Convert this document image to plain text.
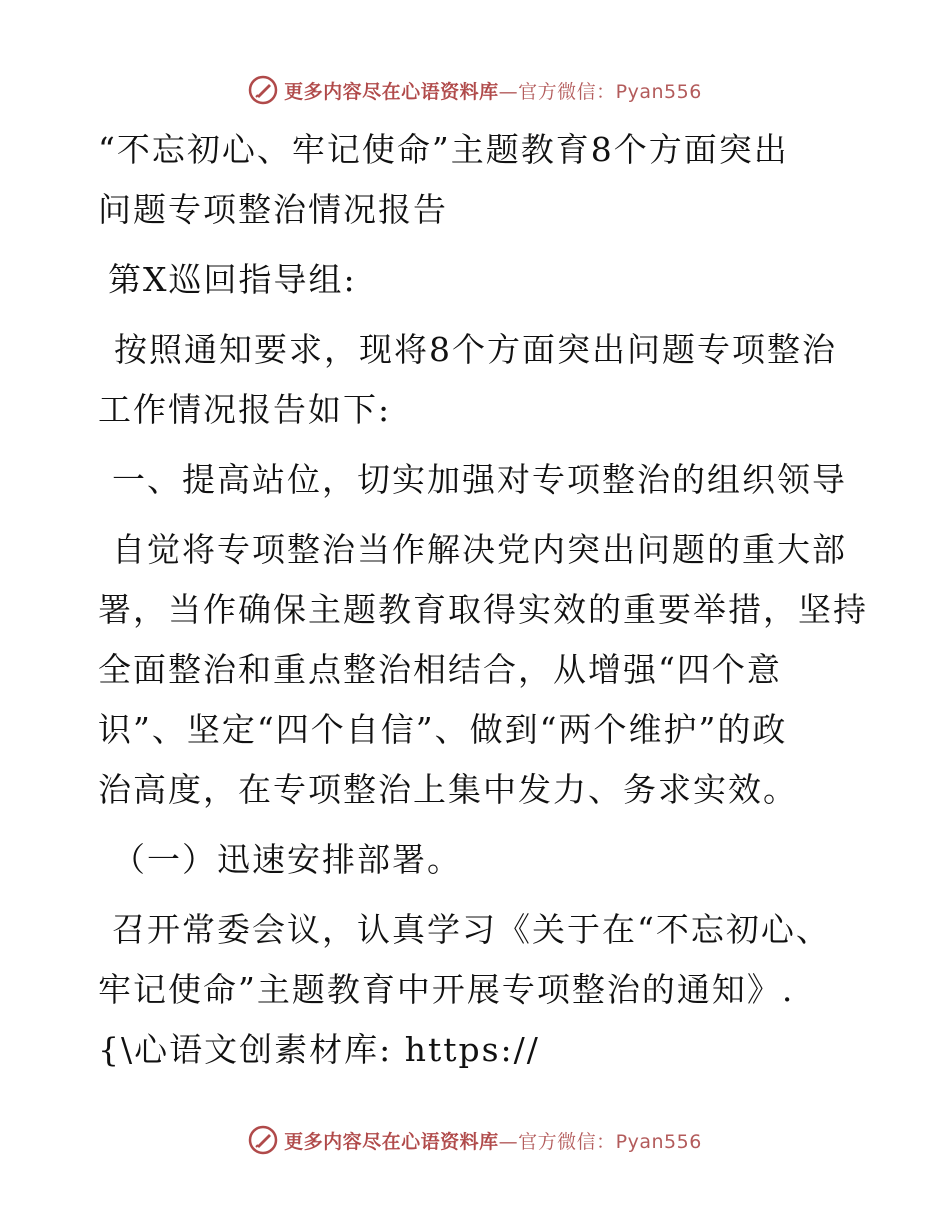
更多内容尽在心语资料库—官方微信：Pyan556
“不忘初心、牢记使命”主题教育8个方面突出
问题专项整治情况报告
第X巡回指导组:
按照通知要求，现将8个方面突出问题专项整治
工作情况报告如下:
一、提高站位，切实加强对专项整治的组织领导
自觉将专项整治当作解决党内突出问题的重大部
署，当作确保主题教育取得实效的重要举措，坚持
全面整治和重点整治相结合，从增强“四个意
识”、坚定“四个自信”、做到“两个维护”的政
治高度，在专项整治上集中发力、务求实效。
（一）迅速安排部署。
召开常委会议，认真学习《关于在“不忘初心、
牢记使命”主题教育中开展专项整治的通知》.
{\心语文创素材库: https://
更多内容尽在心语资料库—官方微信：Pyan556
